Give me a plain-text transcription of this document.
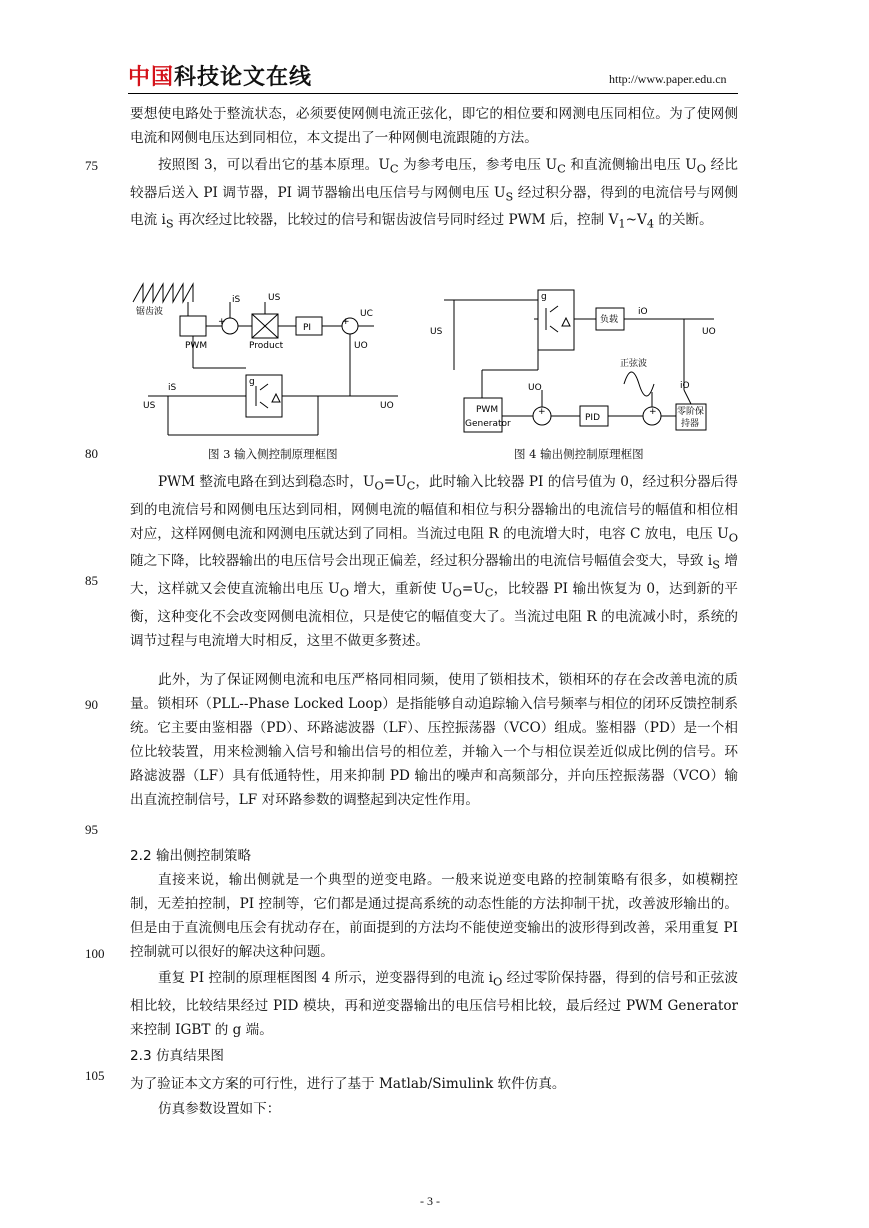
中国科技论文在线	http://www.paper.edu.cn
75
80
85
90
95
100
105
要想使电路处于整流状态，必须要使网侧电流正弦化，即它的相位要和网测电压同相位。为了使网侧电流和网侧电压达到同相位，本文提出了一种网侧电流跟随的方法。
按照图 3，可以看出它的基本原理。$U_C$ 为参考电压，参考电压 $U_C$ 和直流侧输出电压 $U_O$ 经比较器后送入 PI 调节器，PI 调节器输出电压信号与网侧电压 $U_S$ 经过积分器，得到的电流信号与网侧电流 $i_S$ 再次经过比较器，比较过的信号和锯齿波信号同时经过 PWM 后，控制 $V_1\sim V_4$ 的关断。
锯齿波
PWM	Product
PI
iS	US
UC
UO
iS
US	UO
g
+	+
图 3 输入侧控制原理框图
负载
iO
US	UO
正弦波
iO
UO
PWM
Generator
PID
零阶保
持器
g
+	+
图 4 输出侧控制原理框图
PWM 整流电路在到达到稳态时，$U_O=U_C$，此时输入比较器 PI 的信号值为 0，经过积分器后得到的电流信号和网侧电压达到同相，网侧电流的幅值和相位与积分器输出的电流信号的幅值和相位相对应，这样网侧电流和网测电压就达到了同相。当流过电阻 R 的电流增大时，电容 C 放电，电压 $U_O$ 随之下降，比较器输出的电压信号会出现正偏差，经过积分器输出的电流信号幅值会变大，导致 $i_S$ 增大，这样就又会使直流输出电压 $U_O$ 增大，重新使 $U_O=U_C$，比较器 PI 输出恢复为 0，达到新的平衡，这种变化不会改变网侧电流相位，只是使它的幅值变大了。当流过电阻 R 的电流减小时，系统的调节过程与电流增大时相反，这里不做更多赘述。
此外，为了保证网侧电流和电压严格同相同频，使用了锁相技术，锁相环的存在会改善电流的质量。锁相环（PLL--Phase Locked Loop）是指能够自动追踪输入信号频率与相位的闭环反馈控制系统。它主要由鉴相器（PD）、环路滤波器（LF）、压控振荡器（VCO）组成。鉴相器（PD）是一个相位比较装置，用来检测输入信号和输出信号的相位差，并输入一个与相位误差近似成比例的信号。环路滤波器（LF）具有低通特性，用来抑制 PD 输出的噪声和高频部分，并向压控振荡器（VCO）输出直流控制信号，LF 对环路参数的调整起到决定性作用。
2.2 输出侧控制策略
直接来说，输出侧就是一个典型的逆变电路。一般来说逆变电路的控制策略有很多，如模糊控制，无差拍控制，PI 控制等，它们都是通过提高系统的动态性能的方法抑制干扰，改善波形输出的。但是由于直流侧电压会有扰动存在，前面提到的方法均不能使逆变输出的波形得到改善，采用重复 PI 控制就可以很好的解决这种问题。
重复 PI 控制的原理框图图 4 所示，逆变器得到的电流 $i_O$ 经过零阶保持器，得到的信号和正弦波相比较，比较结果经过 PID 模块，再和逆变器输出的电压信号相比较，最后经过 PWM Generator 来控制 IGBT 的 g 端。
2.3 仿真结果图
为了验证本文方案的可行性，进行了基于 Matlab/Simulink 软件仿真。
仿真参数设置如下：
- 3 -
